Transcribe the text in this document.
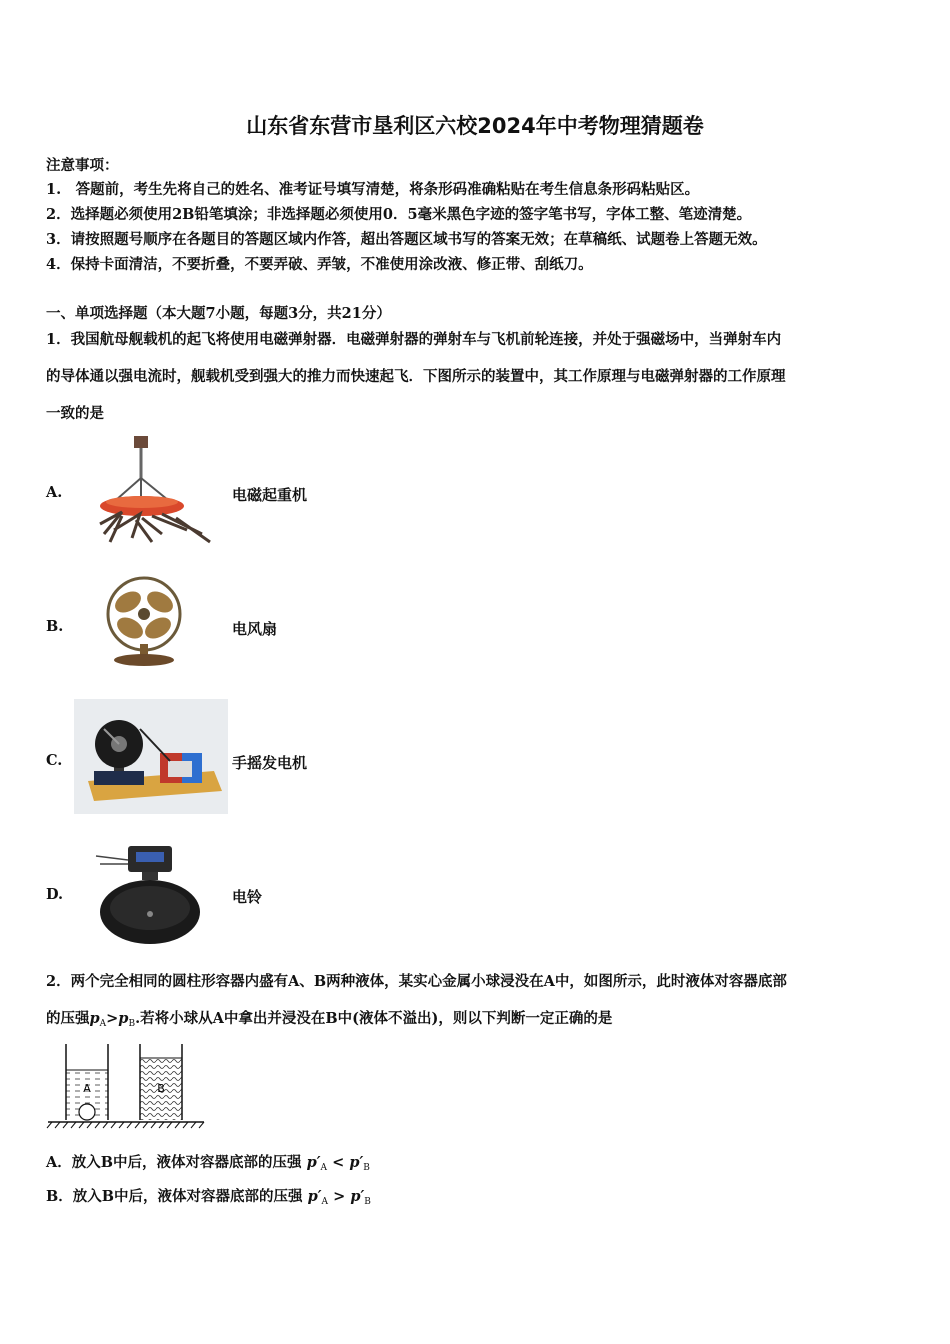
山东省东营市垦利区六校2024年中考物理猜题卷
注意事项：
1.　答题前，考生先将自己的姓名、准考证号填写清楚，将条形码准确粘贴在考生信息条形码粘贴区。
2．选择题必须使用2B铅笔填涂；非选择题必须使用0．5毫米黑色字迹的签字笔书写，字体工整、笔迹清楚。
3．请按照题号顺序在各题目的答题区域内作答，超出答题区域书写的答案无效；在草稿纸、试题卷上答题无效。
4．保持卡面清洁，不要折叠，不要弄破、弄皱，不准使用涂改液、修正带、刮纸刀。
一、单项选择题（本大题7小题，每题3分，共21分）
1．我国航母舰载机的起飞将使用电磁弹射器．电磁弹射器的弹射车与飞机前轮连接，并处于强磁场中，当弹射车内
的导体通以强电流时，舰载机受到强大的推力而快速起飞．下图所示的装置中，其工作原理与电磁弹射器的工作原理
一致的是
A.	电磁起重机
B.	电风扇
C.	手摇发电机
D.	电铃
2．两个完全相同的圆柱形容器内盛有A、B两种液体，某实心金属小球浸没在A中，如图所示，此时液体对容器底部
的压强$p_A>p_B$.若将小球从A中拿出并浸没在B中(液体不溢出)，则以下判断一定正确的是
A	B
A．放入B中后，液体对容器底部的压强 $p'_A < p'_B$
B．放入B中后，液体对容器底部的压强 $p'_A > p'_B$
